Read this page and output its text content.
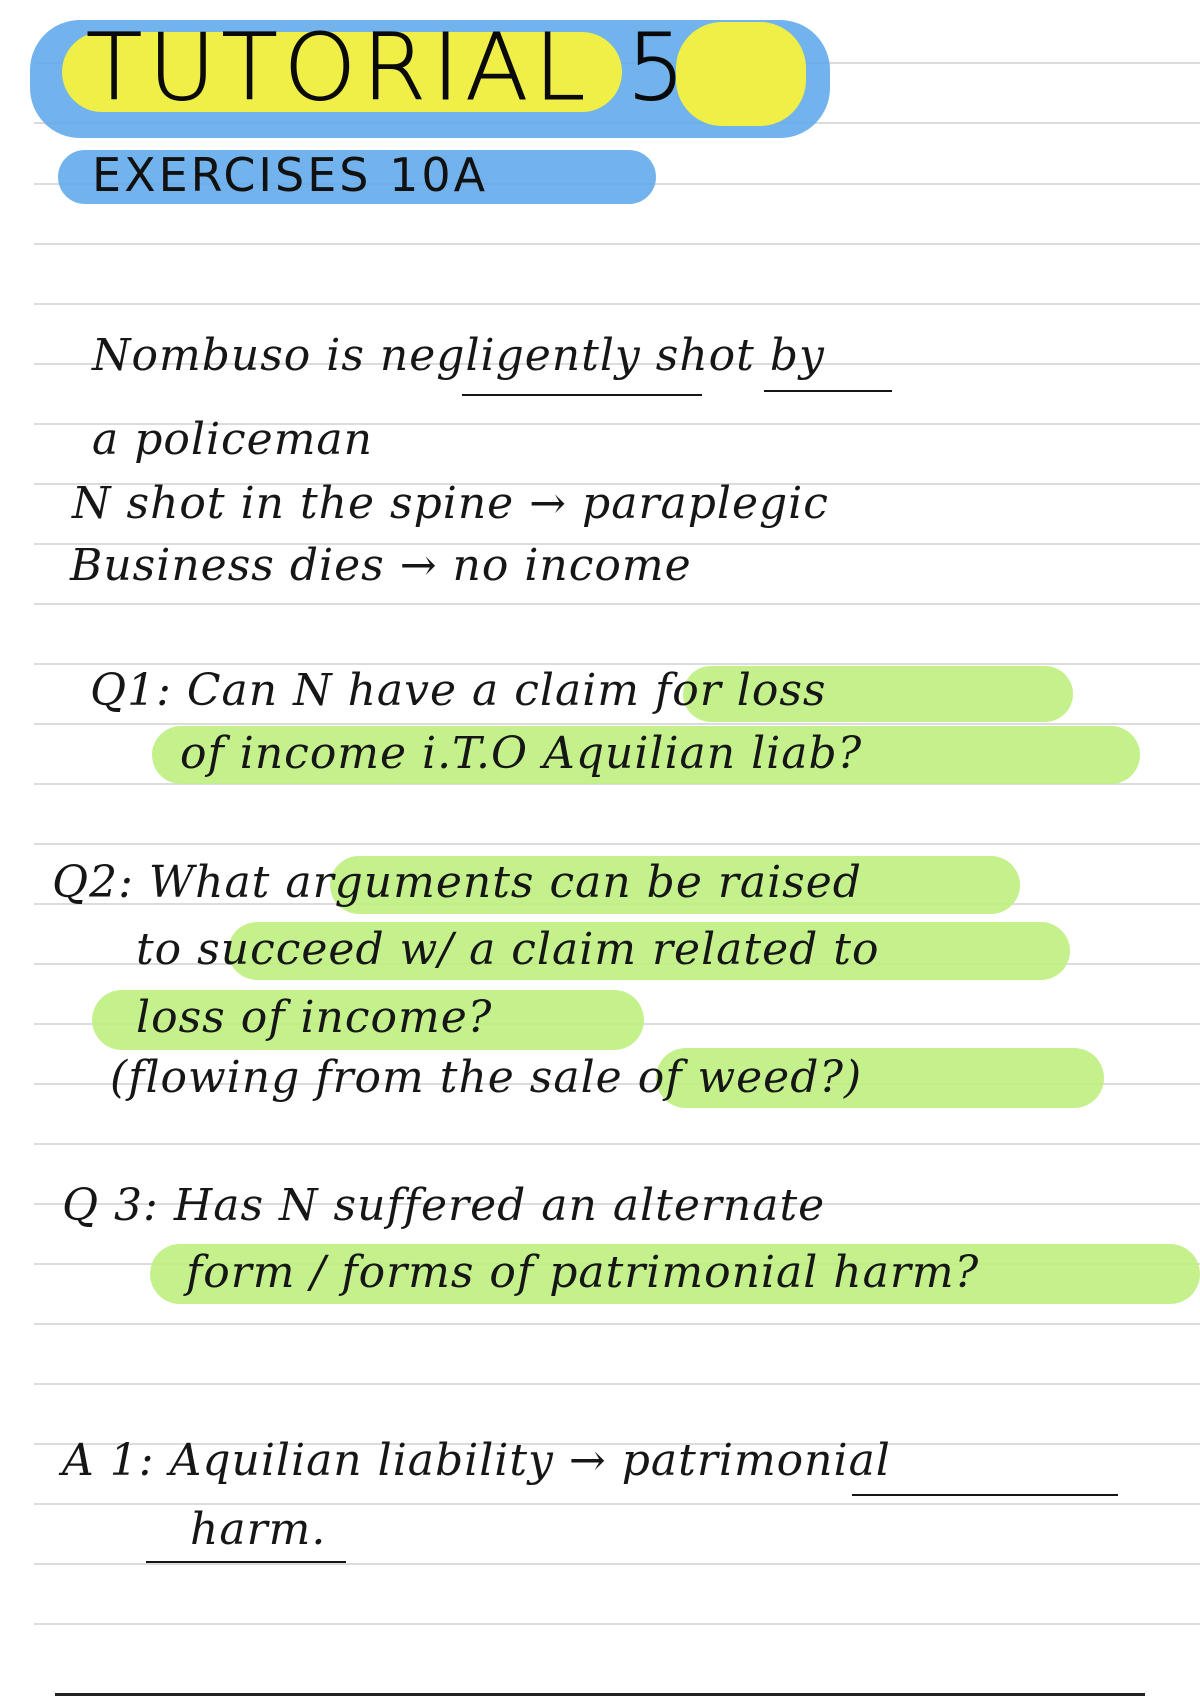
TUTORIAL 5
EXERCISES 10A
Nombuso is negligently shot by
a policeman
N shot in the spine → paraplegic
Business dies → no income
Q1: Can N have a claim for loss
of income i.T.O Aquilian liab?
Q2: What arguments can be raised
to succeed w/ a claim related to
loss of income?
(flowing from the sale of weed?)
Q 3: Has N suffered an alternate
form / forms of patrimonial harm?
A 1: Aquilian liability → patrimonial
harm.
